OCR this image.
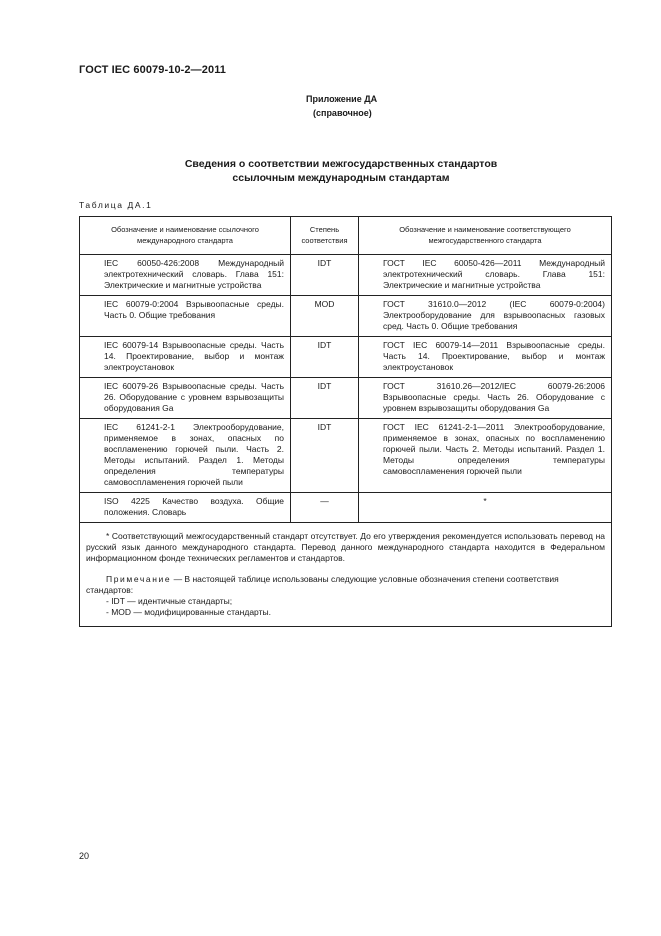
ГОСТ IEC 60079-10-2—2011
Приложение ДА
(справочное)
Сведения о соответствии межгосударственных стандартов
ссылочным международным стандартам
Таблица ДА.1
Обозначение и наименование ссылочного международного стандарта	Степень соответствия	Обозначение и наименование соответствующего межгосударственного стандарта

IEC 60050-426:2008 Международный электротехнический словарь. Глава 151: Электрические и магнитные устройства	IDT	ГОСТ IEC 60050-426—2011 Международный электротехнический словарь. Глава 151: Электрические и магнитные устройства

IEC 60079-0:2004 Взрывоопасные среды. Часть 0. Общие требования	MOD	ГОСТ 31610.0—2012 (IEC 60079-0:2004) Электрооборудование для взрывоопасных газовых сред. Часть 0. Общие требования

IEC 60079-14 Взрывоопасные среды. Часть 14. Проектирование, выбор и монтаж электроустановок	IDT	ГОСТ IEC 60079-14—2011 Взрывоопасные среды. Часть 14. Проектирование, выбор и монтаж электроустановок

IEC 60079-26 Взрывоопасные среды. Часть 26. Оборудование с уровнем взрывозащиты оборудования Ga	IDT	ГОСТ 31610.26—2012/IEC 60079-26:2006 Взрывоопасные среды. Часть 26. Оборудование с уровнем взрывозащиты оборудования Ga

IEC 61241-2-1 Электрооборудование, применяемое в зонах, опасных по воспламенению горючей пыли. Часть 2. Методы испытаний. Раздел 1. Методы определения температуры самовоспламенения горючей пыли	IDT	ГОСТ IEC 61241-2-1—2011 Электрооборудование, применяемое в зонах, опасных по воспламенению горючей пыли. Часть 2. Методы испытаний. Раздел 1. Методы определения температуры самовоспламенения горючей пыли

ISO 4225 Качество воздуха. Общие положения. Словарь	—	*

* Соответствующий межгосударственный стандарт отсутствует. До его утверждения рекомендуется использовать перевод на русский язык данного международного стандарта. Перевод данного международного стандарта находится в Федеральном информационном фонде технических регламентов и стандартов.

Примечание — В настоящей таблице использованы следующие условные обозначения степени соответствия стандартов:

- IDT — идентичные стандарты;

- MOD — модифицированные стандарты.		

20
